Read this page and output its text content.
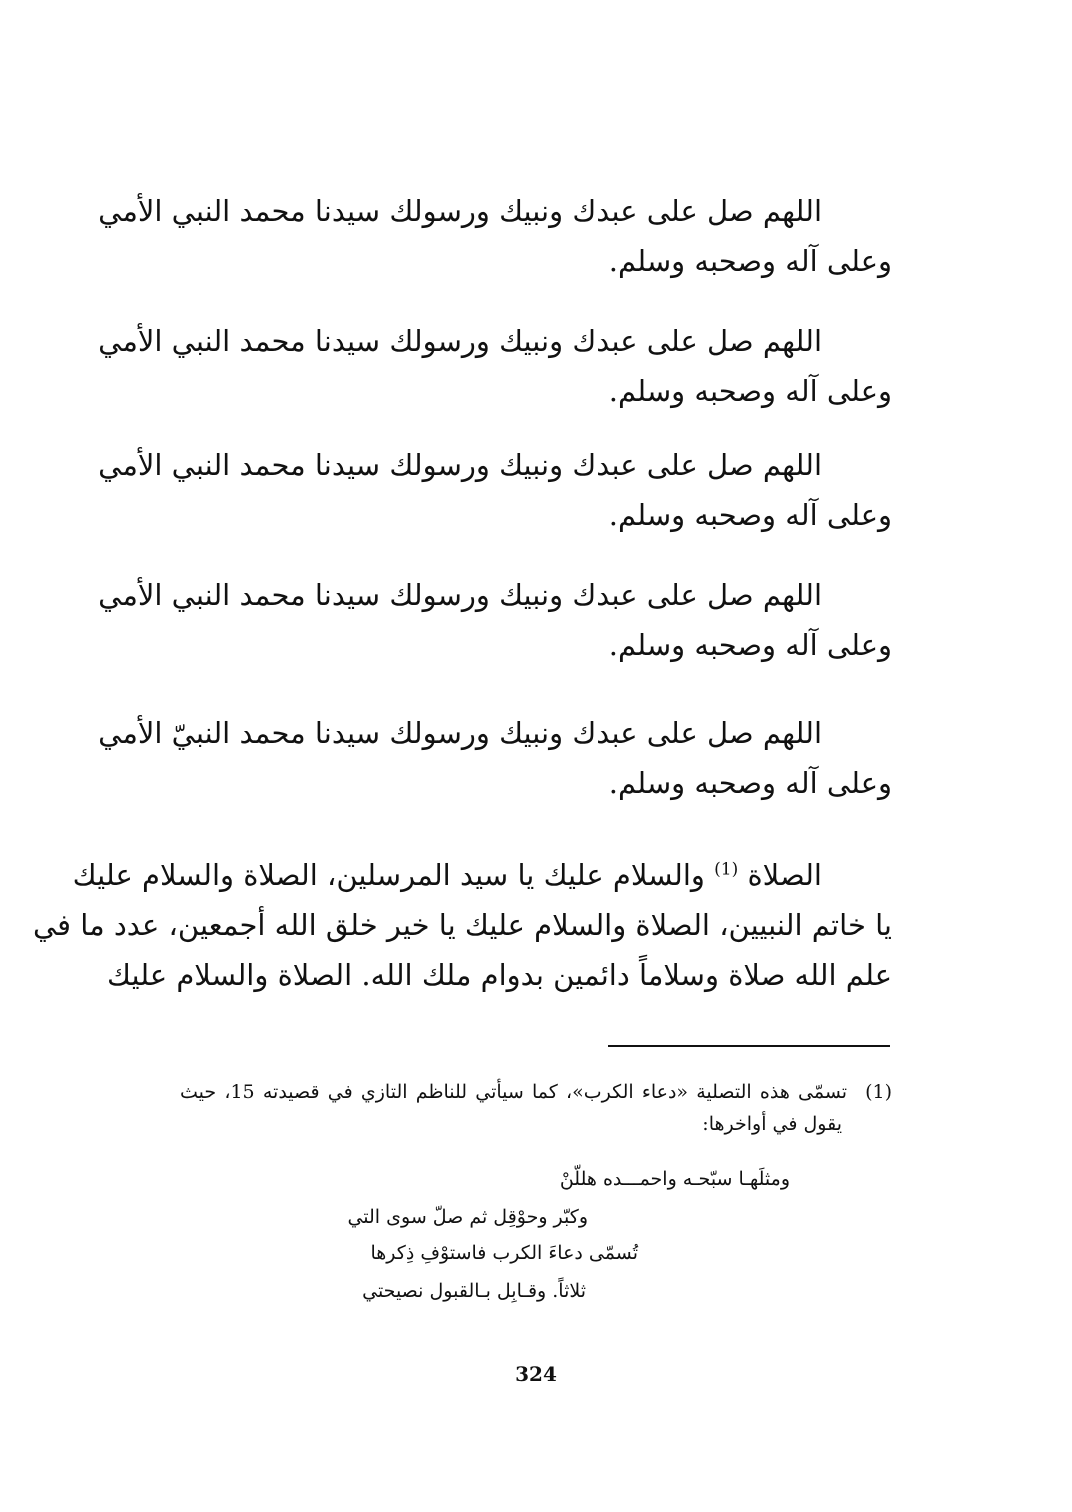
اللهم صل على عبدك ونبيك ورسولك سيدنا محمد النبي الأمي
وعلى آله وصحبه وسلم.
اللهم صل على عبدك ونبيك ورسولك سيدنا محمد النبي الأمي
وعلى آله وصحبه وسلم.
اللهم صل على عبدك ونبيك ورسولك سيدنا محمد النبي الأمي
وعلى آله وصحبه وسلم.
اللهم صل على عبدك ونبيك ورسولك سيدنا محمد النبي الأمي
وعلى آله وصحبه وسلم.
اللهم صل على عبدك ونبيك ورسولك سيدنا محمد النبيّ الأمي
وعلى آله وصحبه وسلم.
الصلاة $^{(1)}$ والسلام عليك يا سيد المرسلين، الصلاة والسلام عليك
يا خاتم النبيين، الصلاة والسلام عليك يا خير خلق الله أجمعين، عدد ما في
علم الله صلاة وسلاماً دائمين بدوام ملك الله. الصلاة والسلام عليك
(1)تسمّى هذه التصلية «دعاء الكرب»، كما سيأتي للناظم التازي في قصيدته 15، حيث
يقول في أواخرها:
ومثلَهـا سبّحـه واحمـــده هللّنْ
وكبّر وحوْقِل ثم صلّ سوى التي
تُسمّى دعاءَ الكرب فاستوْفِ ذِكرها
ثلاثاً. وقـابِل بـالقبول نصيحتي
324
